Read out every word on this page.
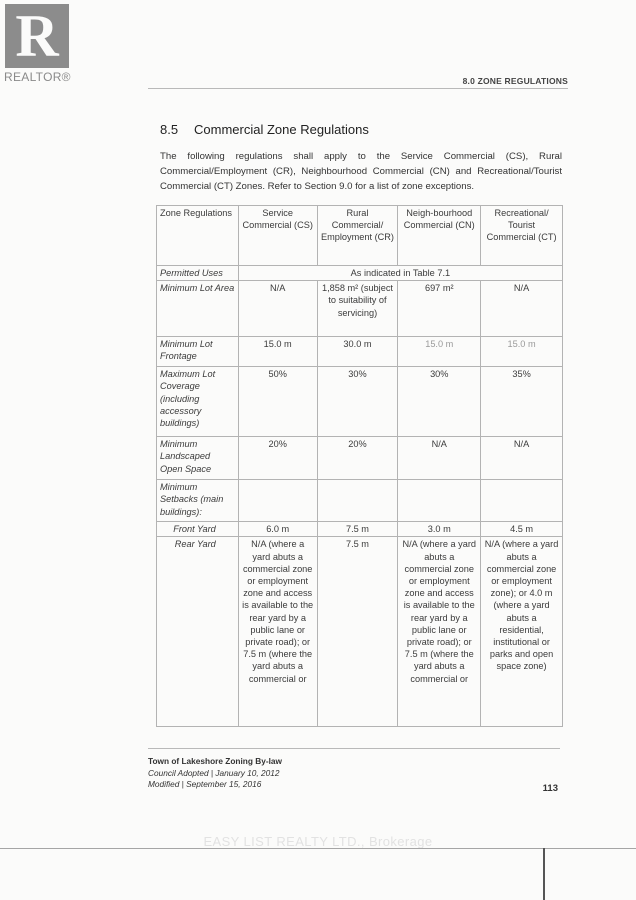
R
REALTOR®	8.0 ZONE REGULATIONS
8.5 Commercial Zone Regulations
The following regulations shall apply to the Service Commercial (CS), Rural Commercial/Employment (CR), Neighbourhood Commercial (CN) and Recreational/Tourist Commercial (CT) Zones. Refer to Section 9.0 for a list of zone exceptions.
Zone Regulations	Service Commercial (CS)	Rural Commercial/ Employment (CR)	Neigh-bourhood Commercial (CN)	Recreational/ Tourist Commercial (CT)
Permitted Uses	As indicated in Table 7.1			
Minimum Lot Area	N/A	1,858 m² (subject to suitability of servicing)	697 m²	N/A
Minimum Lot Frontage	15.0 m	30.0 m	15.0 m	15.0 m
Maximum Lot Coverage (including accessory buildings)	50%	30%	30%	35%
Minimum Landscaped Open Space	20%	20%	N/A	N/A
Minimum Setbacks (main buildings):				
Front Yard	6.0 m	7.5 m	3.0 m	4.5 m
Rear Yard	N/A (where a yard abuts a commercial zone or employment zone and access is available to the rear yard by a public lane or private road); or 7.5 m (where the yard abuts a commercial or	7.5 m	N/A (where a yard abuts a commercial zone or employment zone and access is available to the rear yard by a public lane or private road); or 7.5 m (where the yard abuts a commercial or	N/A (where a yard abuts a commercial zone or employment zone); or 4.0 m (where a yard abuts a residential, institutional or parks and open space zone)
Town of Lakeshore Zoning By-law
Council Adopted | January 10, 2012
Modified | September 15, 2016	113
EASY LIST REALTY LTD., Brokerage
